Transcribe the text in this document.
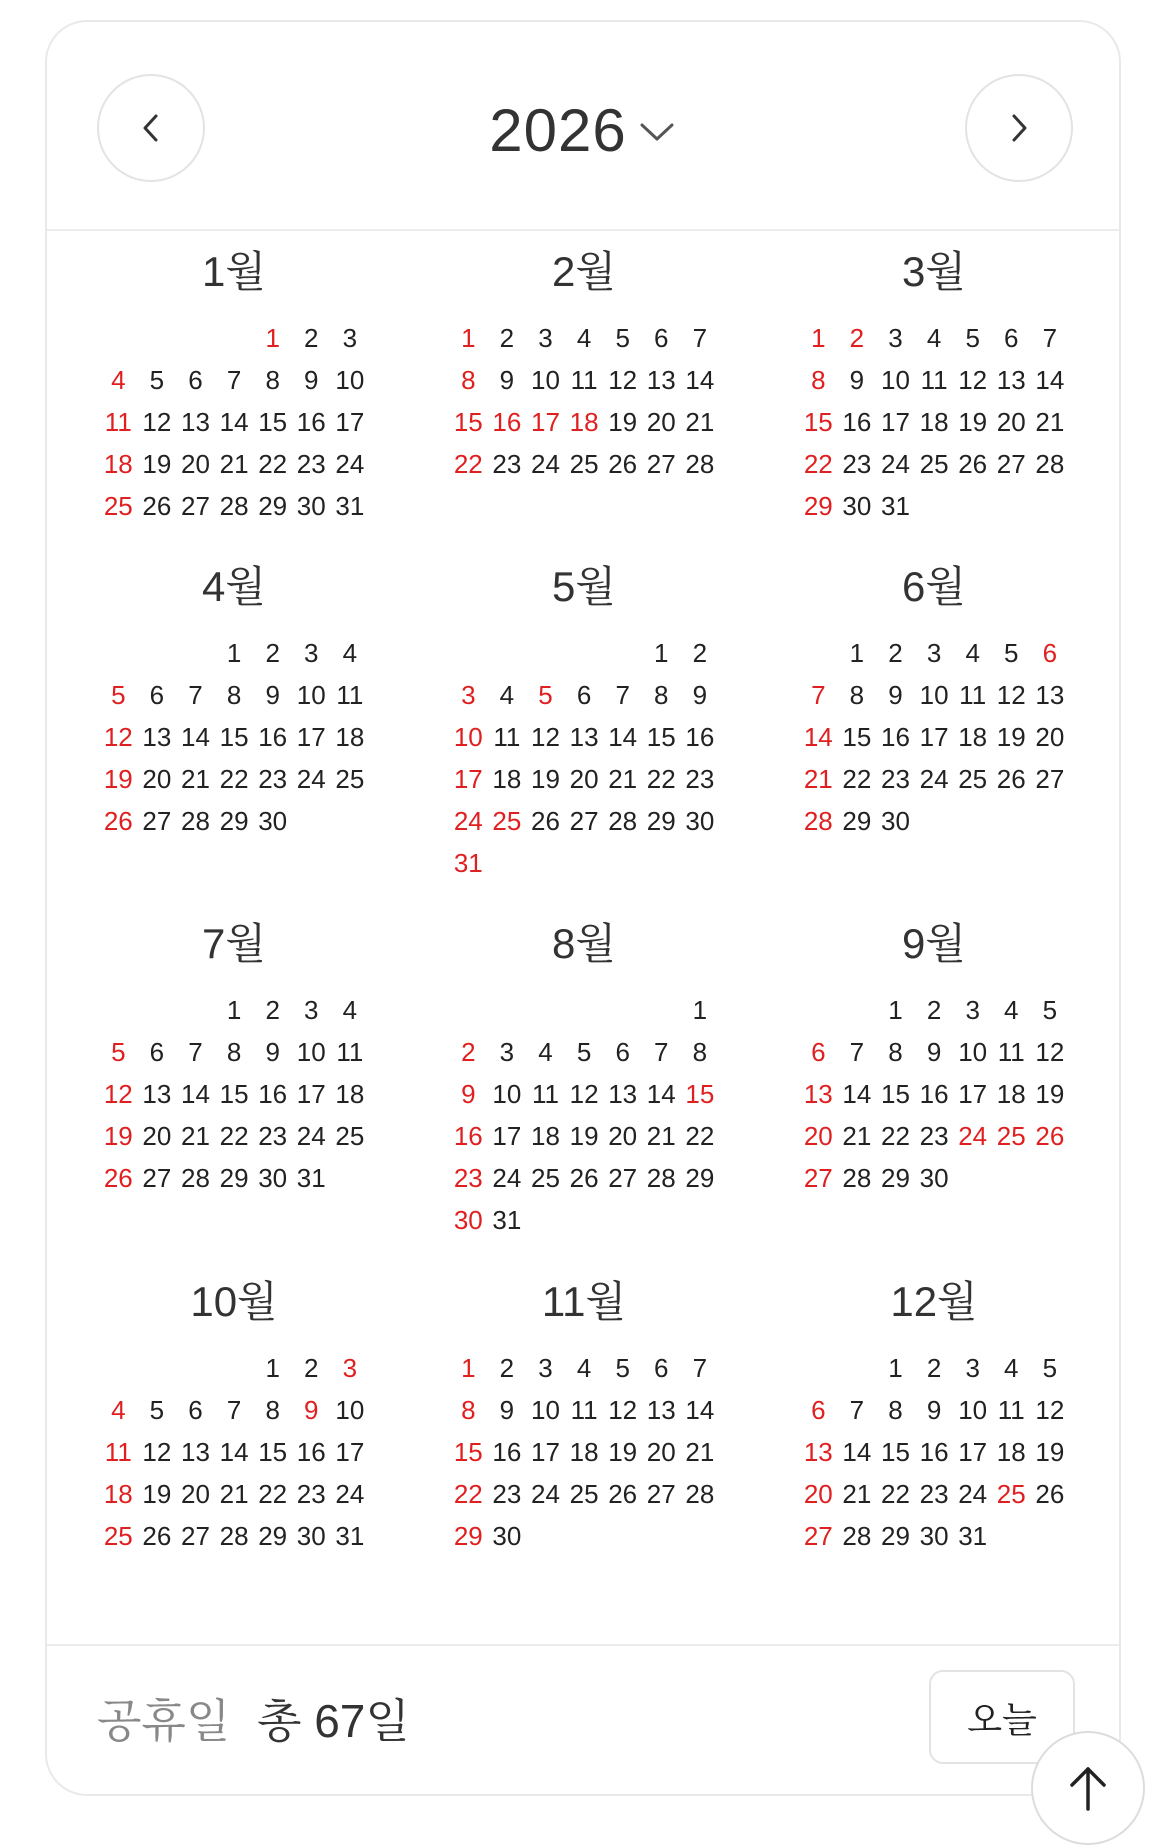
2026
1월
1 2 3
4 5 6 7 8 9 10
11 12 13 14 15 16 17
18 19 20 21 22 23 24
25 26 27 28 29 30 31
2월
1 2 3 4 5 6 7
8 9 10 11 12 13 14
15 16 17 18 19 20 21
22 23 24 25 26 27 28
3월
1 2 3 4 5 6 7
8 9 10 11 12 13 14
15 16 17 18 19 20 21
22 23 24 25 26 27 28
29 30 31
4월
1 2 3 4
5 6 7 8 9 10 11
12 13 14 15 16 17 18
19 20 21 22 23 24 25
26 27 28 29 30
5월
1 2
3 4 5 6 7 8 9
10 11 12 13 14 15 16
17 18 19 20 21 22 23
24 25 26 27 28 29 30
31
6월
1 2 3 4 5 6
7 8 9 10 11 12 13
14 15 16 17 18 19 20
21 22 23 24 25 26 27
28 29 30
7월
1 2 3 4
5 6 7 8 9 10 11
12 13 14 15 16 17 18
19 20 21 22 23 24 25
26 27 28 29 30 31
8월
1
2 3 4 5 6 7 8
9 10 11 12 13 14 15
16 17 18 19 20 21 22
23 24 25 26 27 28 29
30 31
9월
1 2 3 4 5
6 7 8 9 10 11 12
13 14 15 16 17 18 19
20 21 22 23 24 25 26
27 28 29 30
10월
1 2 3
4 5 6 7 8 9 10
11 12 13 14 15 16 17
18 19 20 21 22 23 24
25 26 27 28 29 30 31
11월
1 2 3 4 5 6 7
8 9 10 11 12 13 14
15 16 17 18 19 20 21
22 23 24 25 26 27 28
29 30
12월
1 2 3 4 5
6 7 8 9 10 11 12
13 14 15 16 17 18 19
20 21 22 23 24 25 26
27 28 29 30 31
공휴일 총 67일	오늘
